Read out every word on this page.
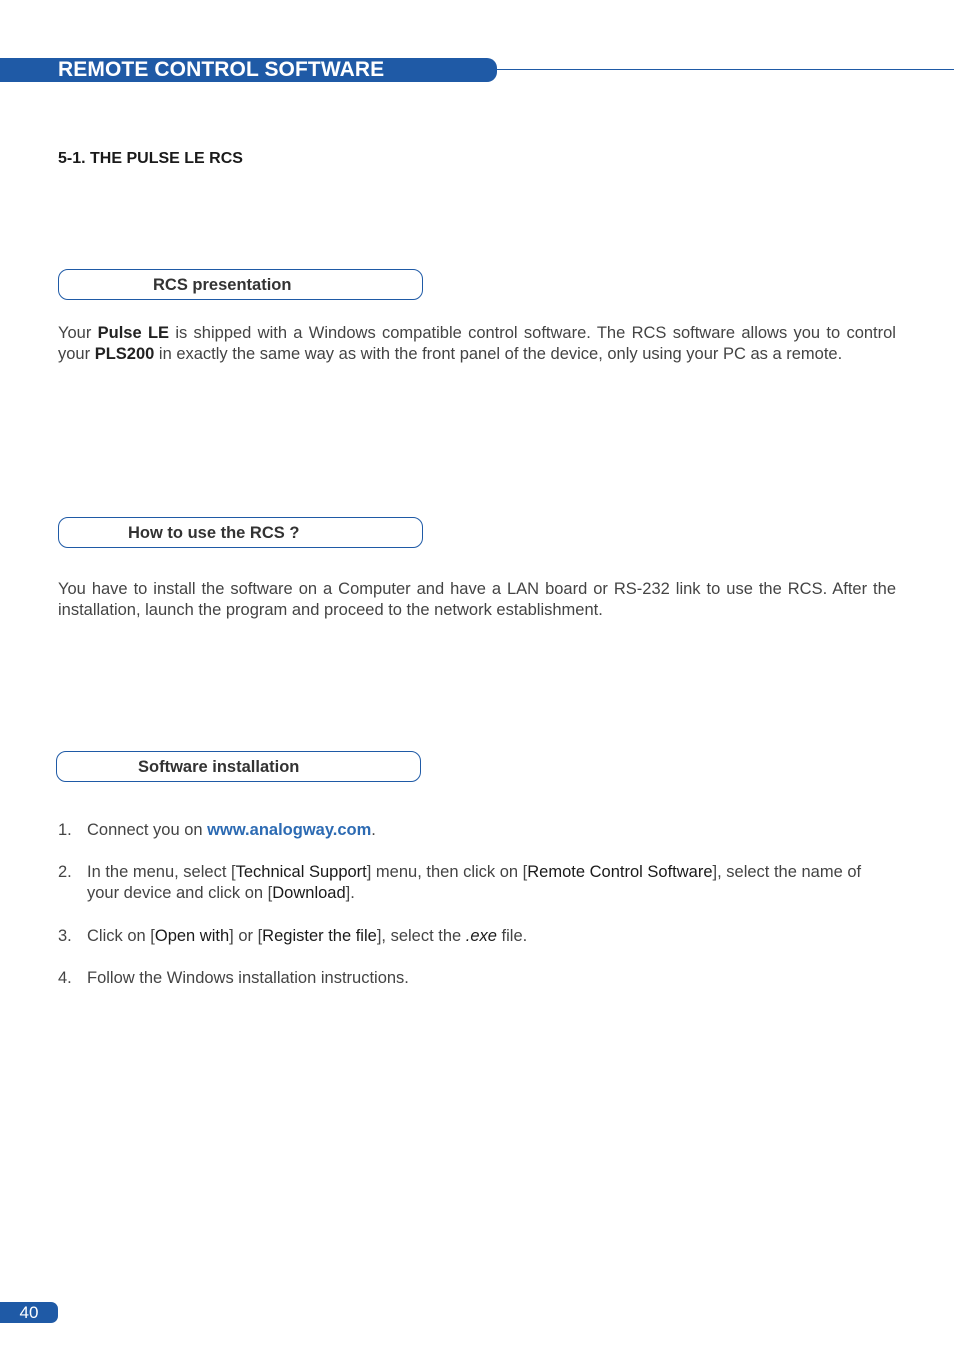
REMOTE CONTROL SOFTWARE
5-1. THE PULSE LE RCS
RCS presentation
Your Pulse LE is shipped with a Windows compatible control software. The RCS software allows you to control your PLS200 in exactly the same way as with the front panel of the device, only using your PC as a remote.
How to use the RCS ?
You have to install the software on a Computer and have a LAN board or RS-232 link to use the RCS. After the installation, launch the program and proceed to the network establishment.
Software installation
1. Connect you on www.analogway.com.
2. In the menu, select [Technical Support] menu, then click on [Remote Control Software], select the name of your device and click on [Download].
3. Click on [Open with] or [Register the file], select the .exe file.
4. Follow the Windows installation instructions.
40
